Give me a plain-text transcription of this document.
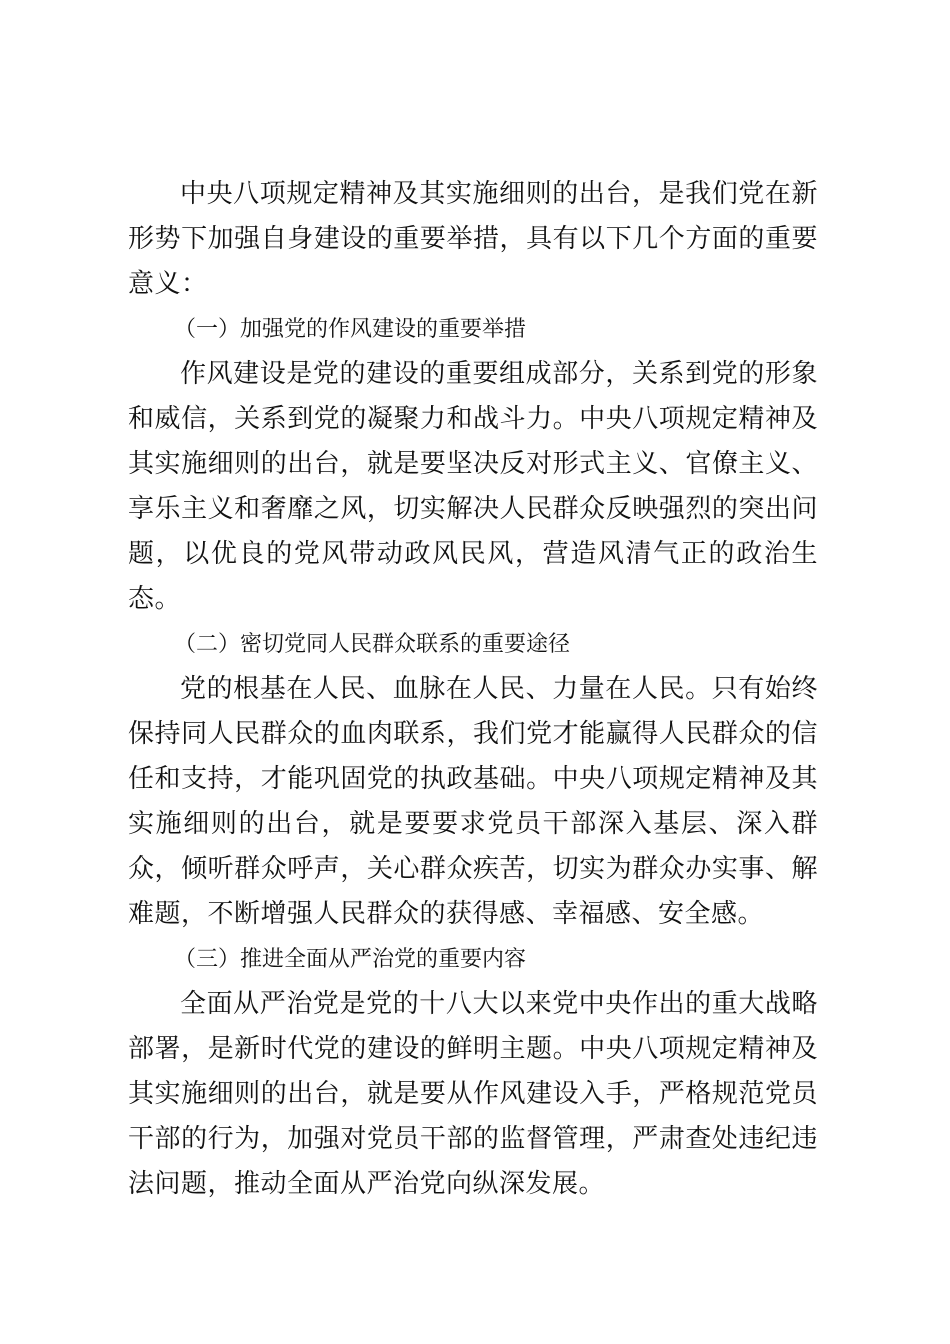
中央八项规定精神及其实施细则的出台，是我们党在新形势下加强自身建设的重要举措，具有以下几个方面的重要意义：

（一）加强党的作风建设的重要举措

作风建设是党的建设的重要组成部分，关系到党的形象和威信，关系到党的凝聚力和战斗力。中央八项规定精神及其实施细则的出台，就是要坚决反对形式主义、官僚主义、享乐主义和奢靡之风，切实解决人民群众反映强烈的突出问题，以优良的党风带动政风民风，营造风清气正的政治生态。

（二）密切党同人民群众联系的重要途径

党的根基在人民、血脉在人民、力量在人民。只有始终保持同人民群众的血肉联系，我们党才能赢得人民群众的信任和支持，才能巩固党的执政基础。中央八项规定精神及其实施细则的出台，就是要要求党员干部深入基层、深入群众，倾听群众呼声，关心群众疾苦，切实为群众办实事、解难题，不断增强人民群众的获得感、幸福感、安全感。

（三）推进全面从严治党的重要内容

全面从严治党是党的十八大以来党中央作出的重大战略部署，是新时代党的建设的鲜明主题。中央八项规定精神及其实施细则的出台，就是要从作风建设入手，严格规范党员干部的行为，加强对党员干部的监督管理，严肃查处违纪违法问题，推动全面从严治党向纵深发展。
